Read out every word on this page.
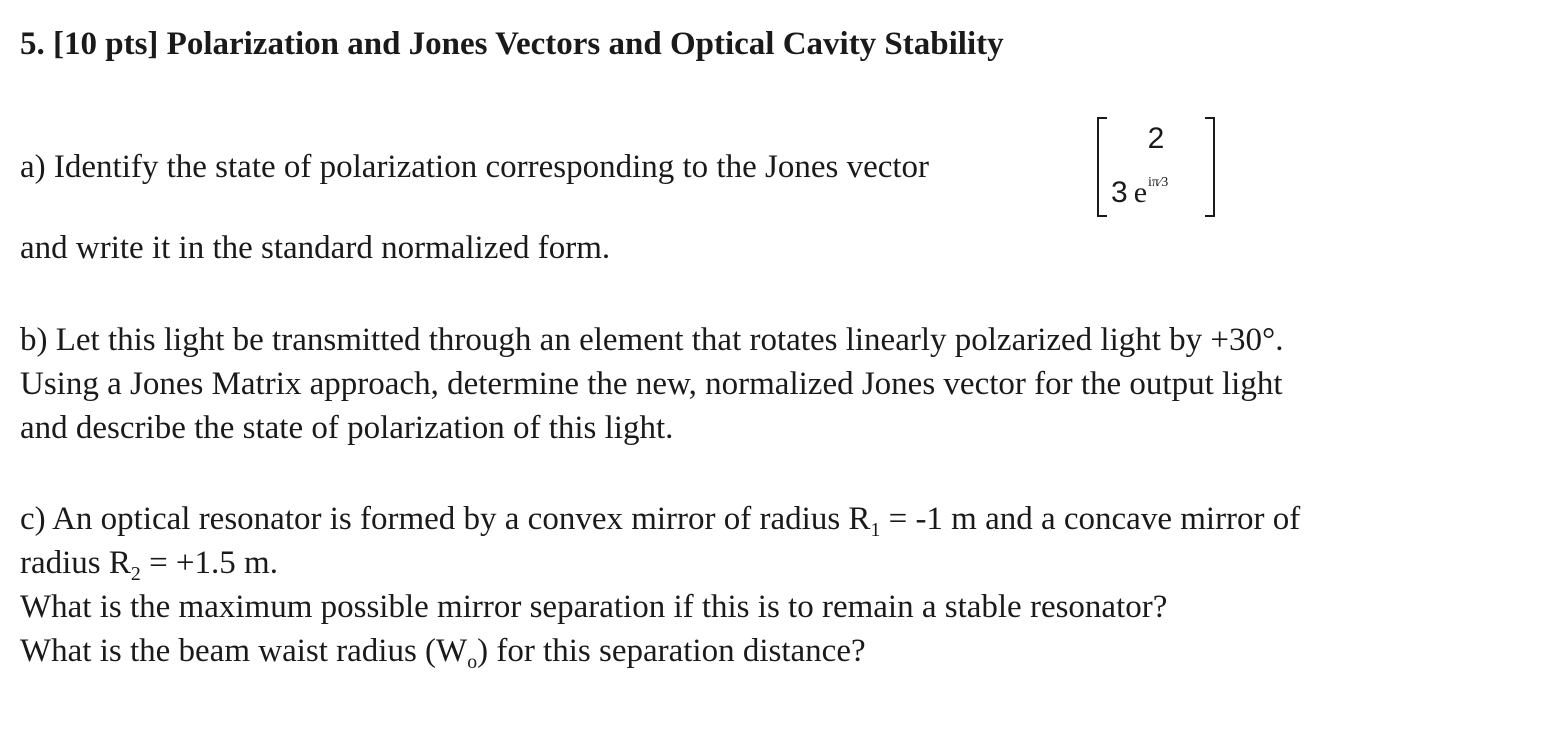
5. [10 pts] Polarization and Jones Vectors and Optical Cavity Stability
a) Identify the state of polarization corresponding to the Jones vector
2
3 $e^{i\pi⁄3}$
and write it in the standard normalized form.
b) Let this light be transmitted through an element that rotates linearly polzarized light by +30°.
Using a Jones Matrix approach, determine the new, normalized Jones vector for the output light
and describe the state of polarization of this light.
c) An optical resonator is formed by a convex mirror of radius $R_1 = -1$ m and a concave mirror of
radius $R_2 = +1.5$ m.
What is the maximum possible mirror separation if this is to remain a stable resonator?
What is the beam waist radius $(W_o)$ for this separation distance?
